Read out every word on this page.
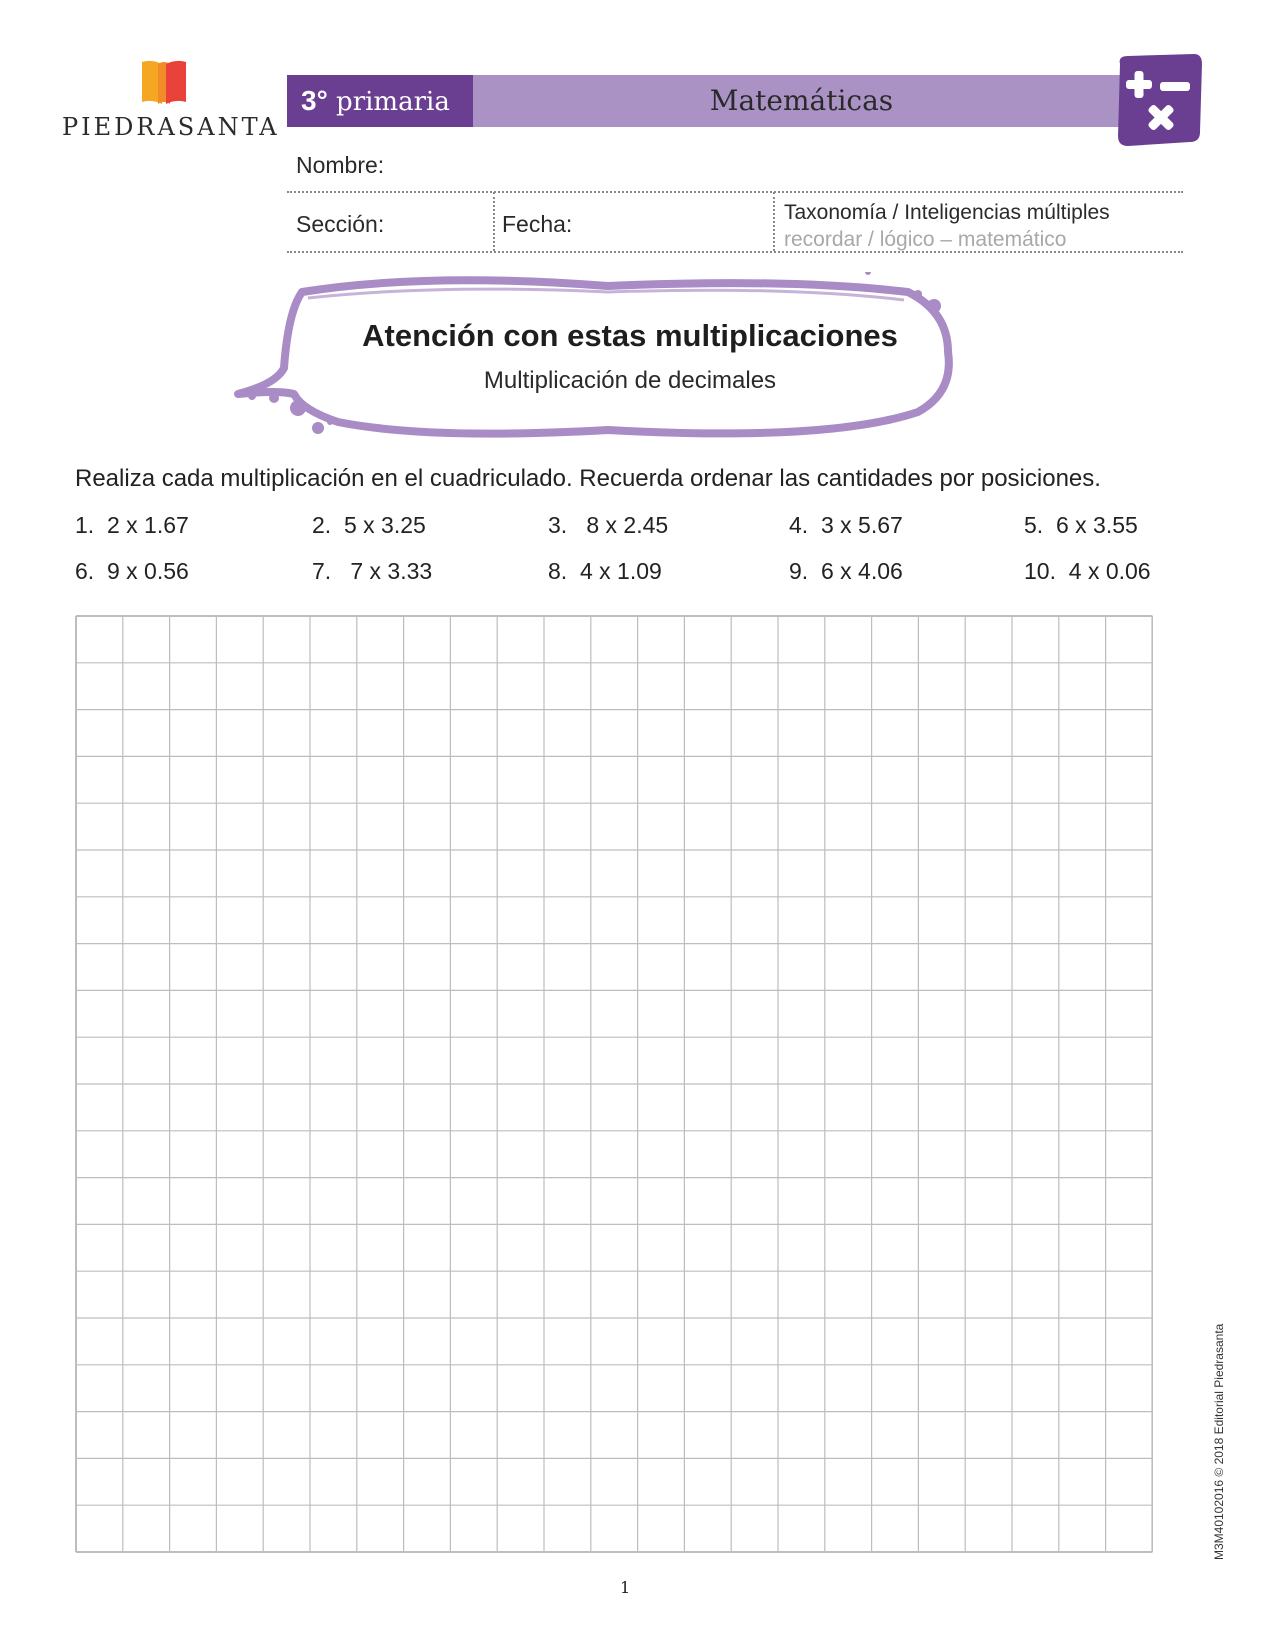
PIEDRASANTA
3° primaria	Matemáticas
Nombre:
Sección:	Fecha:	Taxonomía / Inteligencias múltiples
recordar / lógico – matemático
Atención con estas multiplicaciones
Multiplicación de decimales
Realiza cada multiplicación en el cuadriculado. Recuerda ordenar las cantidades por posiciones.
1. 2 x 1.67	2. 5 x 3.25	3. 8 x 2.45	4. 3 x 5.67	5. 6 x 3.55
6. 9 x 0.56	7. 7 x 3.33	8. 4 x 1.09	9. 6 x 4.06	10. 4 x 0.06
1
M3M40102016 © 2018 Editorial Piedrasanta
